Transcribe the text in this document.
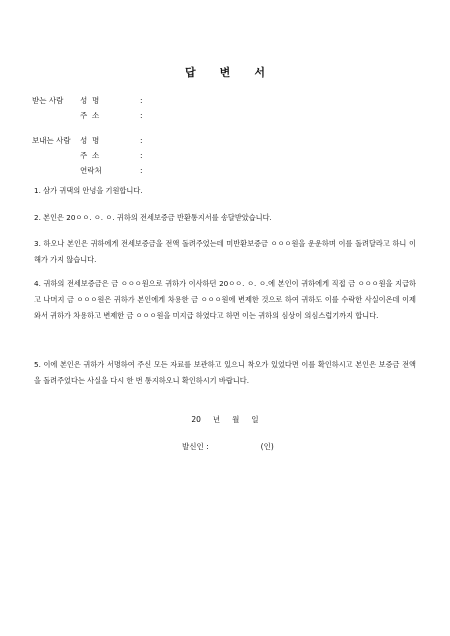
답 변 서
받는 사람	성  명	:
주  소	:
보내는 사람	성  명	:
주  소	:
연락처	:
1. 삼가 귀댁의 안녕을 기원합니다.
2. 본인은 20ㅇㅇ. ㅇ. ㅇ. 귀하의 전세보증금 반환통지서를 송달받았습니다.
3. 하오나 본인은 귀하에게 전세보증금을 전액 돌려주었는데 미반환보증금 ㅇㅇㅇ원을 운운하며 이를 돌려달라고 하니 이해가 가지 않습니다.
4. 귀하의 전세보증금은 금 ㅇㅇㅇ원으로 귀하가 이사하던 20ㅇㅇ. ㅇ. ㅇ.에 본인이 귀하에게 직접 금 ㅇㅇㅇ원을 지급하고 나머지 금 ㅇㅇㅇ원은 귀하가 본인에게 차용한 금 ㅇㅇㅇ원에 변제한 것으로 하여 귀하도 이를 수락한 사실이온데 이제 와서 귀하가 차용하고 변제한 금 ㅇㅇㅇ원을 미지급 하였다고 하면 이는 귀하의 심상이 의심스럽기까지 합니다.
5. 이에 본인은 귀하가 서명하여 주신 모든 자료를 보관하고 있으니 착오가 있었다면 이를 확인하시고 본인은 보증금 전액을 돌려주었다는 사실을 다시 한 번 통지하오니 확인하시기 바랍니다.
20 년 월 일
발신인 :	(인)
